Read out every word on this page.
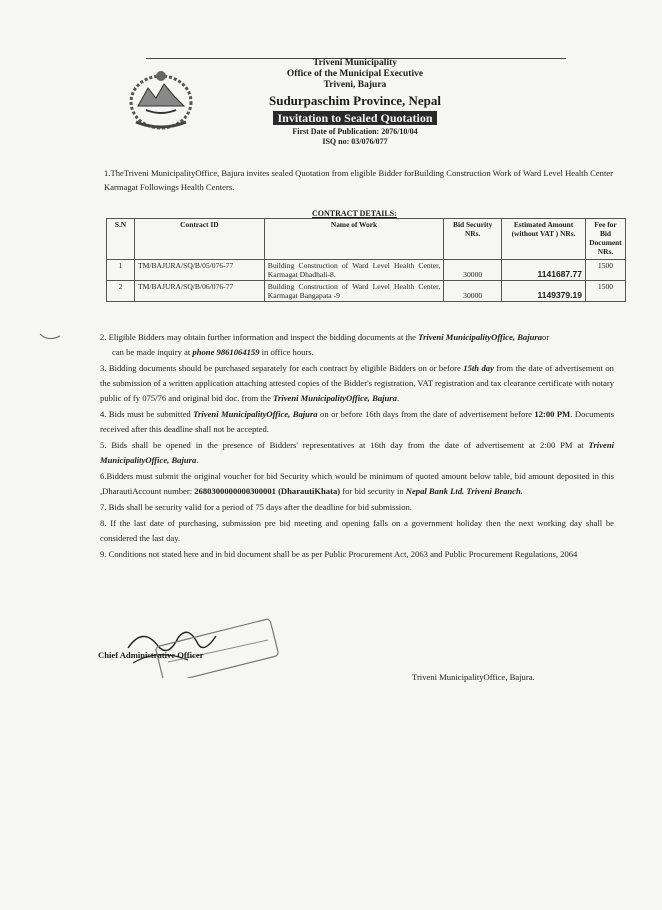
Triveni Municipality
Office of the Municipal Executive
Triveni, Bajura
Sudurpaschim Province, Nepal
Invitation to Sealed Quotation
First Date of Publication: 2076/10/04
ISQ no: 03/076/077
1.TheTriveni MunicipalityOffice, Bajura invites sealed Quotation from eligible Bidder forBuilding Construction Work of Ward Level Health Center Karmagat Followings Health Centers.
CONTRACT DETAILS:
S.N	Contract ID	Name of Work	Bid Security NRs.	Estimated Amount (without VAT ) NRs.	Fee for Bid Document NRs.
1	TM/BAJURA/SQ/B/05/076-77	Building Construction of Ward Level Health Center, Karmagat Dhadhali-8.	30000	1141687.77	1500
2	TM/BAJURA/SQ/B/06/076-77	Building Construction of Ward Level Health Center, Karmagat Bangapata -9	30000	1149379.19	1500
2. Eligible Bidders may obtain further information and inspect the bidding documents at the Triveni MunicipalityOffice, Bajuraor
can be made inquiry at phone 9861064159 in office hours.
3. Bidding documents should be purchased separately for each contract by eligible Bidders on or before 15th day from the date of advertisement on the submission of a written application attaching attested copies of the Bidder's registration, VAT registration and tax clearance certificate with notary public of fy 075/76 and original bid doc. from the Triveni MunicipalityOffice, Bajura.
4. Bids must be submitted Triveni MunicipalityOffice, Bajura on or before 16th days from the date of advertisement before 12:00 PM. Documents received after this deadline shall not be accepted.
5. Bids shall be opened in the presence of Bidders' representatives at 16th day from the date of advertisement at 2:00 PM at Triveni MunicipalityOffice, Bajura.
6.Bidders must submit the original voucher for bid Security which would be minimum of quoted amount below table, bid amount deposited in this ,DharautiAccount number: 2680300000000300001 (DharautiKhata) for bid security in Nepal Bank Ltd. Triveni Branch.
7. Bids shall be security valid for a period of 75 days after the deadline for bid submission.
8. If the last date of purchasing, submission pre bid meeting and opening falls on a government holiday then the next working day shall be considered the last day.
9. Conditions not stated here and in bid document shall be as per Public Procurement Act, 2063 and Public Procurement Regulations, 2064
Chief Administrative Officer
Triveni MunicipalityOffice, Bajura.
